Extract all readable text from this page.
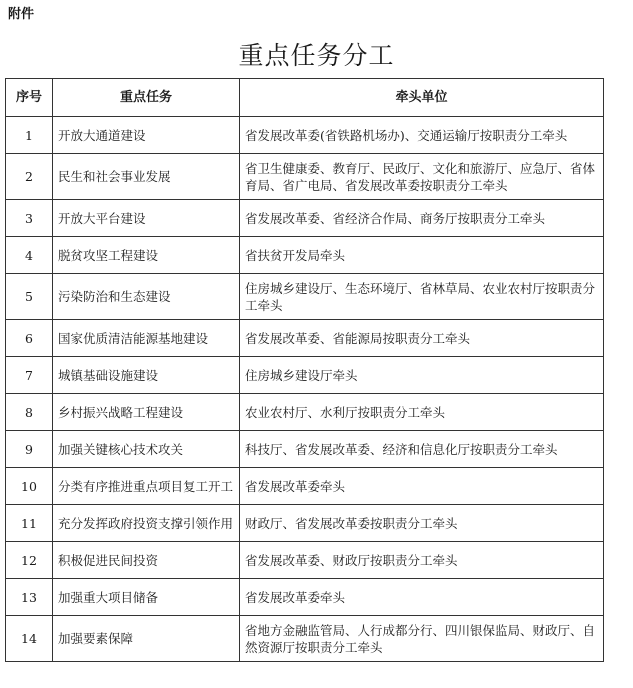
附件
重点任务分工
序号	重点任务	牵头单位
1	开放大通道建设	省发展改革委(省铁路机场办)、交通运输厅按职责分工牵头
2	民生和社会事业发展	省卫生健康委、教育厅、民政厅、文化和旅游厅、应急厅、省体育局、省广电局、省发展改革委按职责分工牵头
3	开放大平台建设	省发展改革委、省经济合作局、商务厅按职责分工牵头
4	脱贫攻坚工程建设	省扶贫开发局牵头
5	污染防治和生态建设	住房城乡建设厅、生态环境厅、省林草局、农业农村厅按职责分工牵头
6	国家优质清洁能源基地建设	省发展改革委、省能源局按职责分工牵头
7	城镇基础设施建设	住房城乡建设厅牵头
8	乡村振兴战略工程建设	农业农村厅、水利厅按职责分工牵头
9	加强关键核心技术攻关	科技厅、省发展改革委、经济和信息化厅按职责分工牵头
10	分类有序推进重点项目复工开工	省发展改革委牵头
11	充分发挥政府投资支撑引领作用	财政厅、省发展改革委按职责分工牵头
12	积极促进民间投资	省发展改革委、财政厅按职责分工牵头
13	加强重大项目储备	省发展改革委牵头
14	加强要素保障	省地方金融监管局、人行成都分行、四川银保监局、财政厅、自然资源厅按职责分工牵头
